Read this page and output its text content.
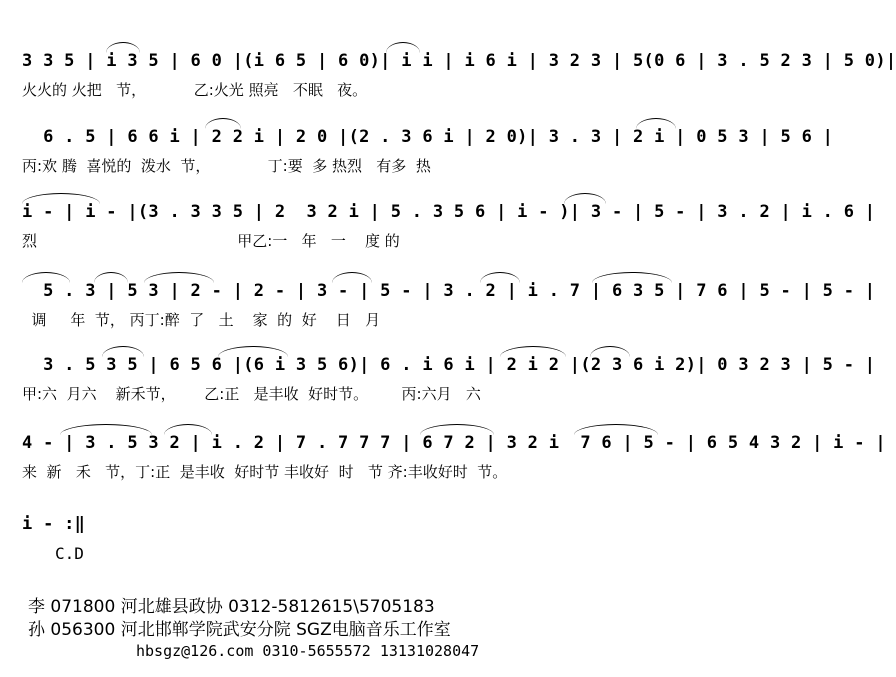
3 3 5 | i 3 5 | 6 0 |(i 6 5 | 6 0)| i i | i 6 i | 3 2 3 | 5(0 6 | 3 . 5 2 3 | 5 0)|
火火的 火把   节，          乙:火光 照亮   不眠   夜。
6 . 5 | 6 6 i | 2 2 i | 2 0 |(2 . 3 6 i | 2 0)| 3 . 3 | 2 i | 0 5 3 | 5 6 |
丙:欢 腾  喜悦的  泼水  节，            丁:要  多 热烈   有多  热
i - | i - |(3 . 3 3 5 | 2  3 2 i | 5 . 3 5 6 | i - )| 3 - | 5 - | 3 . 2 | i . 6 |
烈                                          甲乙:一   年   一    度 的
5 . 3 | 5 3 | 2 - | 2 - | 3 - | 5 - | 3 . 2 | i . 7 | 6 3 5 | 7 6 | 5 - | 5 - |
调     年  节， 丙丁:醉  了   土    家  的  好    日   月
3 . 5 3 5 | 6 5 6 |(6 i 3 5 6)| 6 . i 6 i | 2 i 2 |(2 3 6 i 2)| 0 3 2 3 | 5 - |
甲:六  月六    新禾节，      乙:正   是丰收  好时节。       丙:六月   六
4 - | 3 . 5 3 2 | i . 2 | 7 . 7 7 7 | 6 7 2 | 3 2 i  7 6 | 5 - | 6 5 4 3 2 | i - |
来  新   禾   节，丁:正  是丰收  好时节 丰收好  时   节 齐:丰收好时  节。
i - :‖
C.D
李 071800 河北雄县政协 0312-5812615\5705183
孙 056300 河北邯郸学院武安分院 SGZ电脑音乐工作室
hbsgz@126.com 0310-5655572 13131028047
